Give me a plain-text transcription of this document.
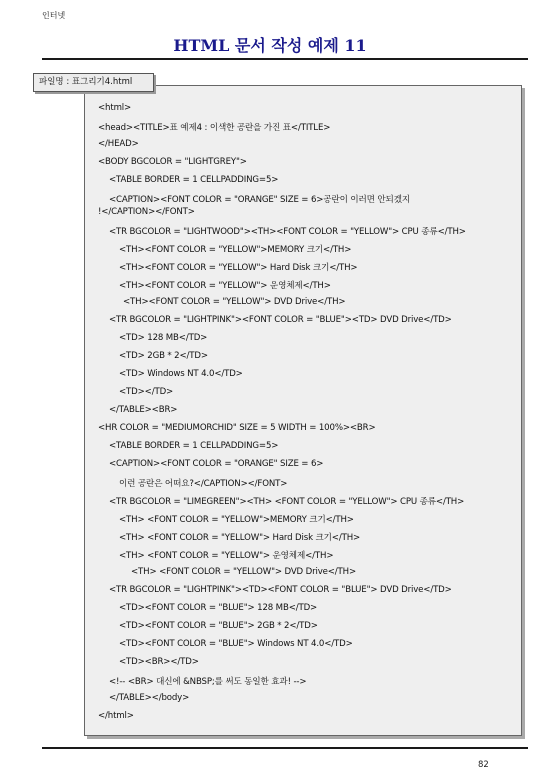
인터넷
HTML 문서 작성 예제 11
<html>
<head><TITLE>표 예제4 : 이색한 공란을 가진 표</TITLE>
</HEAD>
<BODY BGCOLOR = "LIGHTGREY">
<TABLE BORDER = 1 CELLPADDING=5>
<CAPTION><FONT COLOR = "ORANGE" SIZE = 6>공란이 이러면 안되겠지
!</CAPTION></FONT>
<TR BGCOLOR = "LIGHTWOOD"><TH><FONT COLOR = "YELLOW"> CPU 종류</TH>
<TH><FONT COLOR = "YELLOW">MEMORY 크기</TH>
<TH><FONT COLOR = "YELLOW"> Hard Disk 크기</TH>
<TH><FONT COLOR = "YELLOW"> 운영체제</TH>
<TH><FONT COLOR = "YELLOW"> DVD Drive</TH>
<TR BGCOLOR = "LIGHTPINK"><FONT COLOR = "BLUE"><TD> DVD Drive</TD>
<TD> 128 MB</TD>
<TD> 2GB * 2</TD>
<TD> Windows NT 4.0</TD>
<TD></TD>
</TABLE><BR>
<HR COLOR = "MEDIUMORCHID" SIZE = 5 WIDTH = 100%><BR>
<TABLE BORDER = 1 CELLPADDING=5>
<CAPTION><FONT COLOR = "ORANGE" SIZE = 6>
이런 공란은 어떠요?</CAPTION></FONT>
<TR BGCOLOR = "LIMEGREEN"><TH> <FONT COLOR = "YELLOW"> CPU 종류</TH>
<TH> <FONT COLOR = "YELLOW">MEMORY 크기</TH>
<TH> <FONT COLOR = "YELLOW"> Hard Disk 크기</TH>
<TH> <FONT COLOR = "YELLOW"> 운영체제</TH>
<TH> <FONT COLOR = "YELLOW"> DVD Drive</TH>
<TR BGCOLOR = "LIGHTPINK"><TD><FONT COLOR = "BLUE"> DVD Drive</TD>
<TD><FONT COLOR = "BLUE"> 128 MB</TD>
<TD><FONT COLOR = "BLUE"> 2GB * 2</TD>
<TD><FONT COLOR = "BLUE"> Windows NT 4.0</TD>
<TD><BR></TD>
<!-- <BR> 대신에 &NBSP;를 써도 동일한 효과! -->
</TABLE></body>
</html>
파일명 : 표그리기4.html
82
